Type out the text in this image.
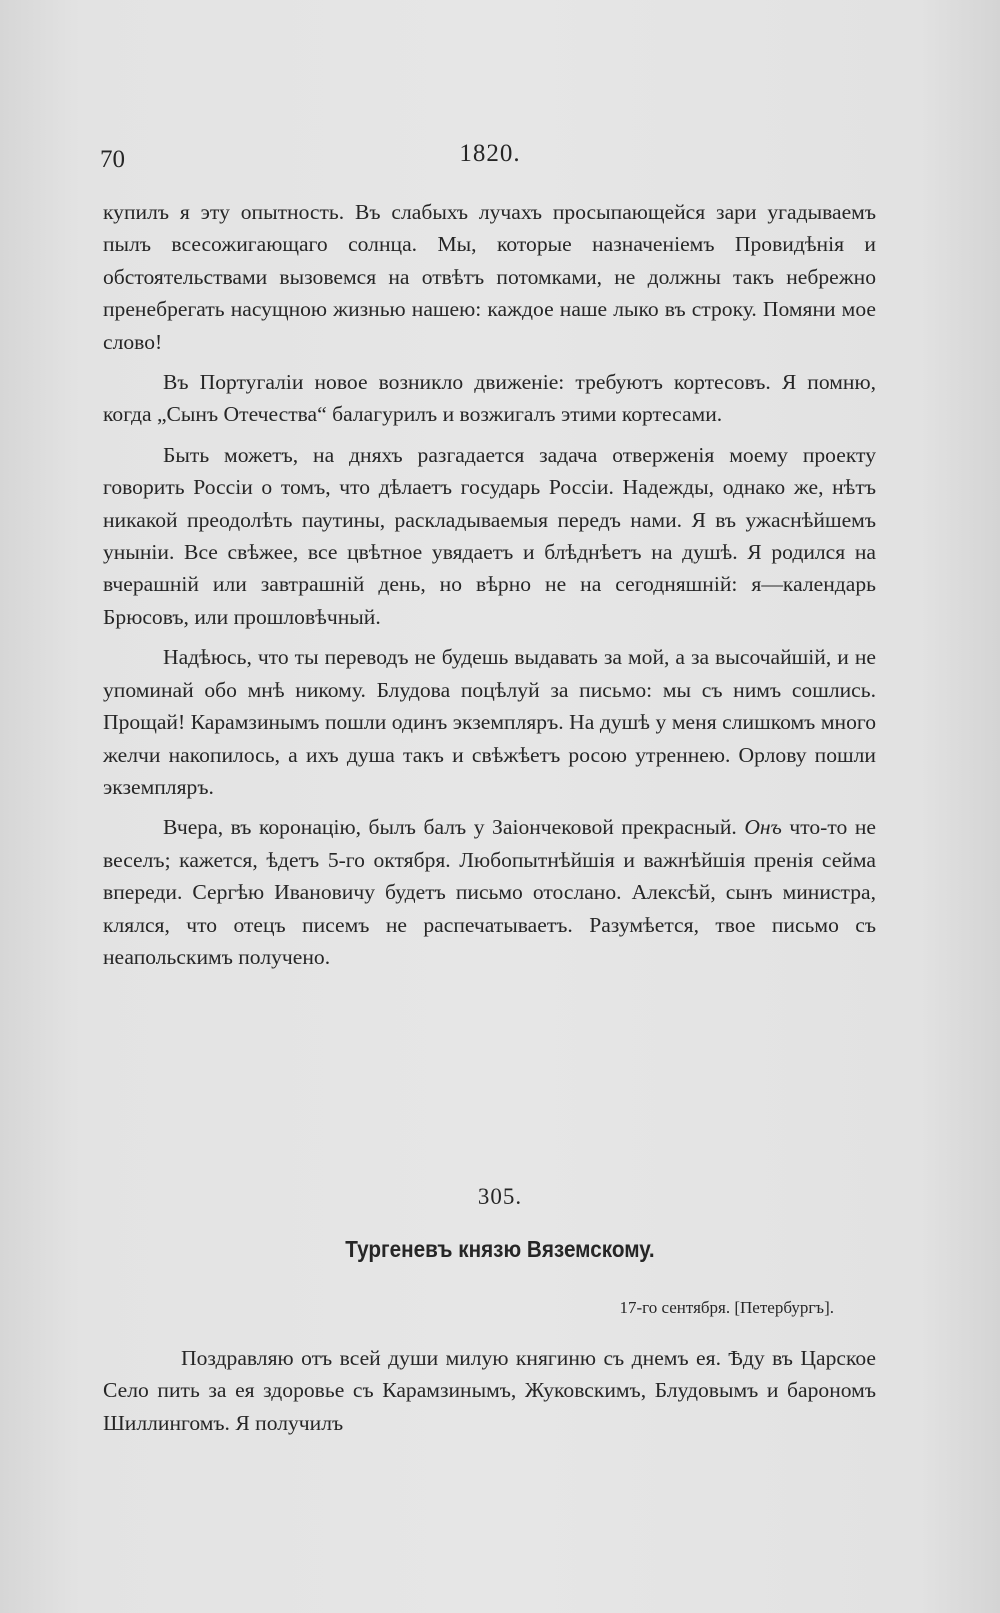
70	1820.

купилъ я эту опытность. Въ слабыхъ лучахъ просыпающейся зари угадываемъ пылъ всесожигающаго солнца. Мы, которые назначеніемъ Провидѣнія и обстоятельствами вызовемся на отвѣтъ потомками, не должны такъ небрежно пренебрегать насущною жизнью нашею: каждое наше лыко въ строку. Помяни мое слово!

Въ Португаліи новое возникло движеніе: требуютъ кортесовъ. Я помню, когда „Сынъ Отечества“ балагурилъ и возжигалъ этими кортесами.

Быть можетъ, на дняхъ разгадается задача отверженія моему проекту говорить Россіи о томъ, что дѣлаетъ государь Россіи. Надежды, однако же, нѣтъ никакой преодолѣть паутины, раскладываемыя передъ нами. Я въ ужаснѣйшемъ уныніи. Все свѣжее, все цвѣтное увядаетъ и блѣднѣетъ на душѣ. Я родился на вчерашній или завтрашній день, но вѣрно не на сегодняшній: я—календарь Брюсовъ, или прошловѣчный.

Надѣюсь, что ты переводъ не будешь выдавать за мой, а за высочайшій, и не упоминай обо мнѣ никому. Блудова поцѣлуй за письмо: мы съ нимъ сошлись. Прощай! Карамзинымъ пошли одинъ экземпляръ. На душѣ у меня слишкомъ много желчи накопилось, а ихъ душа такъ и свѣжѣетъ росою утреннею. Орлову пошли экземпляръ.

Вчера, въ коронацію, былъ балъ у Заіончековой прекрасный. Онъ что-то не веселъ; кажется, ѣдетъ 5-го октября. Любопытнѣйшія и важнѣйшія пренія сейма впереди. Сергѣю Ивановичу будетъ письмо отослано. Алексѣй, сынъ министра, клялся, что отецъ писемъ не распечатываетъ. Разумѣется, твое письмо съ неапольскимъ получено.

305.
Тургеневъ князю Вяземскому.
17-го сентября. [Петербургъ].

Поздравляю отъ всей души милую княгиню съ днемъ ея. Ѣду въ Царское Село пить за ея здоровье съ Карамзинымъ, Жуковскимъ, Блудовымъ и барономъ Шиллингомъ. Я получилъ
